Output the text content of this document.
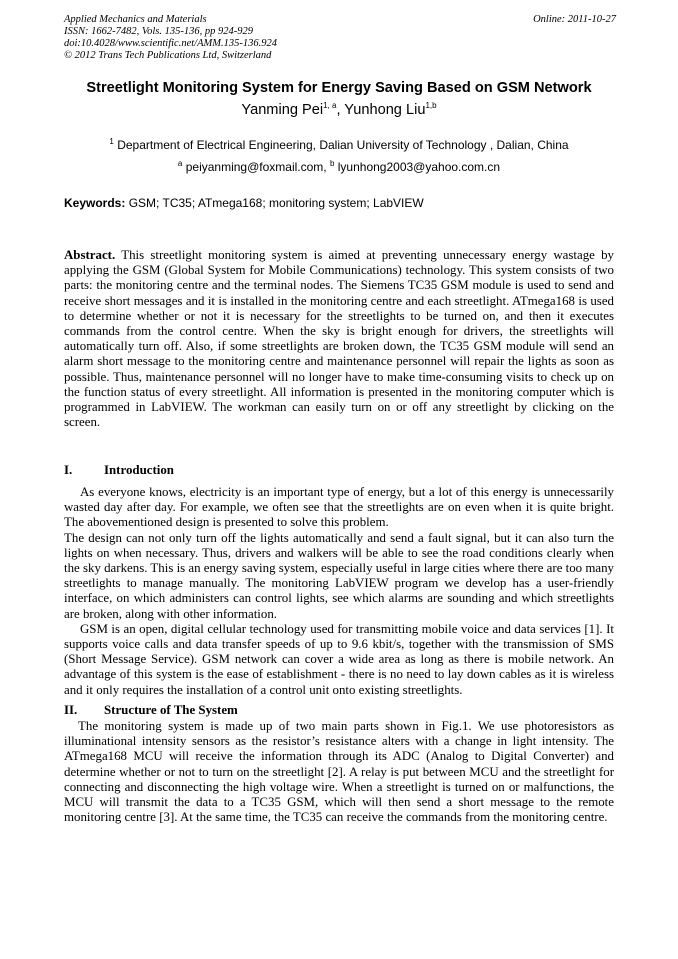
Applied Mechanics and Materials
ISSN: 1662-7482, Vols. 135-136, pp 924-929
doi:10.4028/www.scientific.net/AMM.135-136.924
© 2012 Trans Tech Publications Ltd, Switzerland
Online: 2011-10-27
Streetlight Monitoring System for Energy Saving Based on GSM Network
Yanming Pei$^{1, a}$, Yunhong Liu$^{1,b}$
$^1$ Department of Electrical Engineering, Dalian University of Technology , Dalian, China
$^a$ peiyanming@foxmail.com, $^b$ lyunhong2003@yahoo.com.cn
Keywords: GSM; TC35; ATmega168; monitoring system; LabVIEW

Abstract. This streetlight monitoring system is aimed at preventing unnecessary energy wastage by applying the GSM (Global System for Mobile Communications) technology. This system consists of two parts: the monitoring centre and the terminal nodes. The Siemens TC35 GSM module is used to send and receive short messages and it is installed in the monitoring centre and each streetlight. ATmega168 is used to determine whether or not it is necessary for the streetlights to be turned on, and then it executes commands from the control centre. When the sky is bright enough for drivers, the streetlights will automatically turn off. Also, if some streetlights are broken down, the TC35 GSM module will send an alarm short message to the monitoring centre and maintenance personnel will repair the lights as soon as possible. Thus, maintenance personnel will no longer have to make time-consuming visits to check up on the function status of every streetlight. All information is presented in the monitoring computer which is programmed in LabVIEW. The workman can easily turn on or off any streetlight by clicking on the screen.

I. Introduction

As everyone knows, electricity is an important type of energy, but a lot of this energy is unnecessarily wasted day after day. For example, we often see that the streetlights are on even when it is quite bright. The abovementioned design is presented to solve this problem.

The design can not only turn off the lights automatically and send a fault signal, but it can also turn the lights on when necessary. Thus, drivers and walkers will be able to see the road conditions clearly when the sky darkens. This is an energy saving system, especially useful in large cities where there are too many streetlights to manage manually. The monitoring LabVIEW program we develop has a user-friendly interface, on which administers can control lights, see which alarms are sounding and which streetlights are broken, along with other information.

GSM is an open, digital cellular technology used for transmitting mobile voice and data services [1]. It supports voice calls and data transfer speeds of up to 9.6 kbit/s, together with the transmission of SMS (Short Message Service). GSM network can cover a wide area as long as there is mobile network. An advantage of this system is the ease of establishment - there is no need to lay down cables as it is wireless and it only requires the installation of a control unit onto existing streetlights.

II. Structure of The System

The monitoring system is made up of two main parts shown in Fig.1. We use photoresistors as illuminational intensity sensors as the resistor’s resistance alters with a change in light intensity. The ATmega168 MCU will receive the information through its ADC (Analog to Digital Converter) and determine whether or not to turn on the streetlight [2]. A relay is put between MCU and the streetlight for connecting and disconnecting the high voltage wire. When a streetlight is turned on or malfunctions, the MCU will transmit the data to a TC35 GSM, which will then send a short message to the remote monitoring centre [3]. At the same time, the TC35 can receive the commands from the monitoring centre.
